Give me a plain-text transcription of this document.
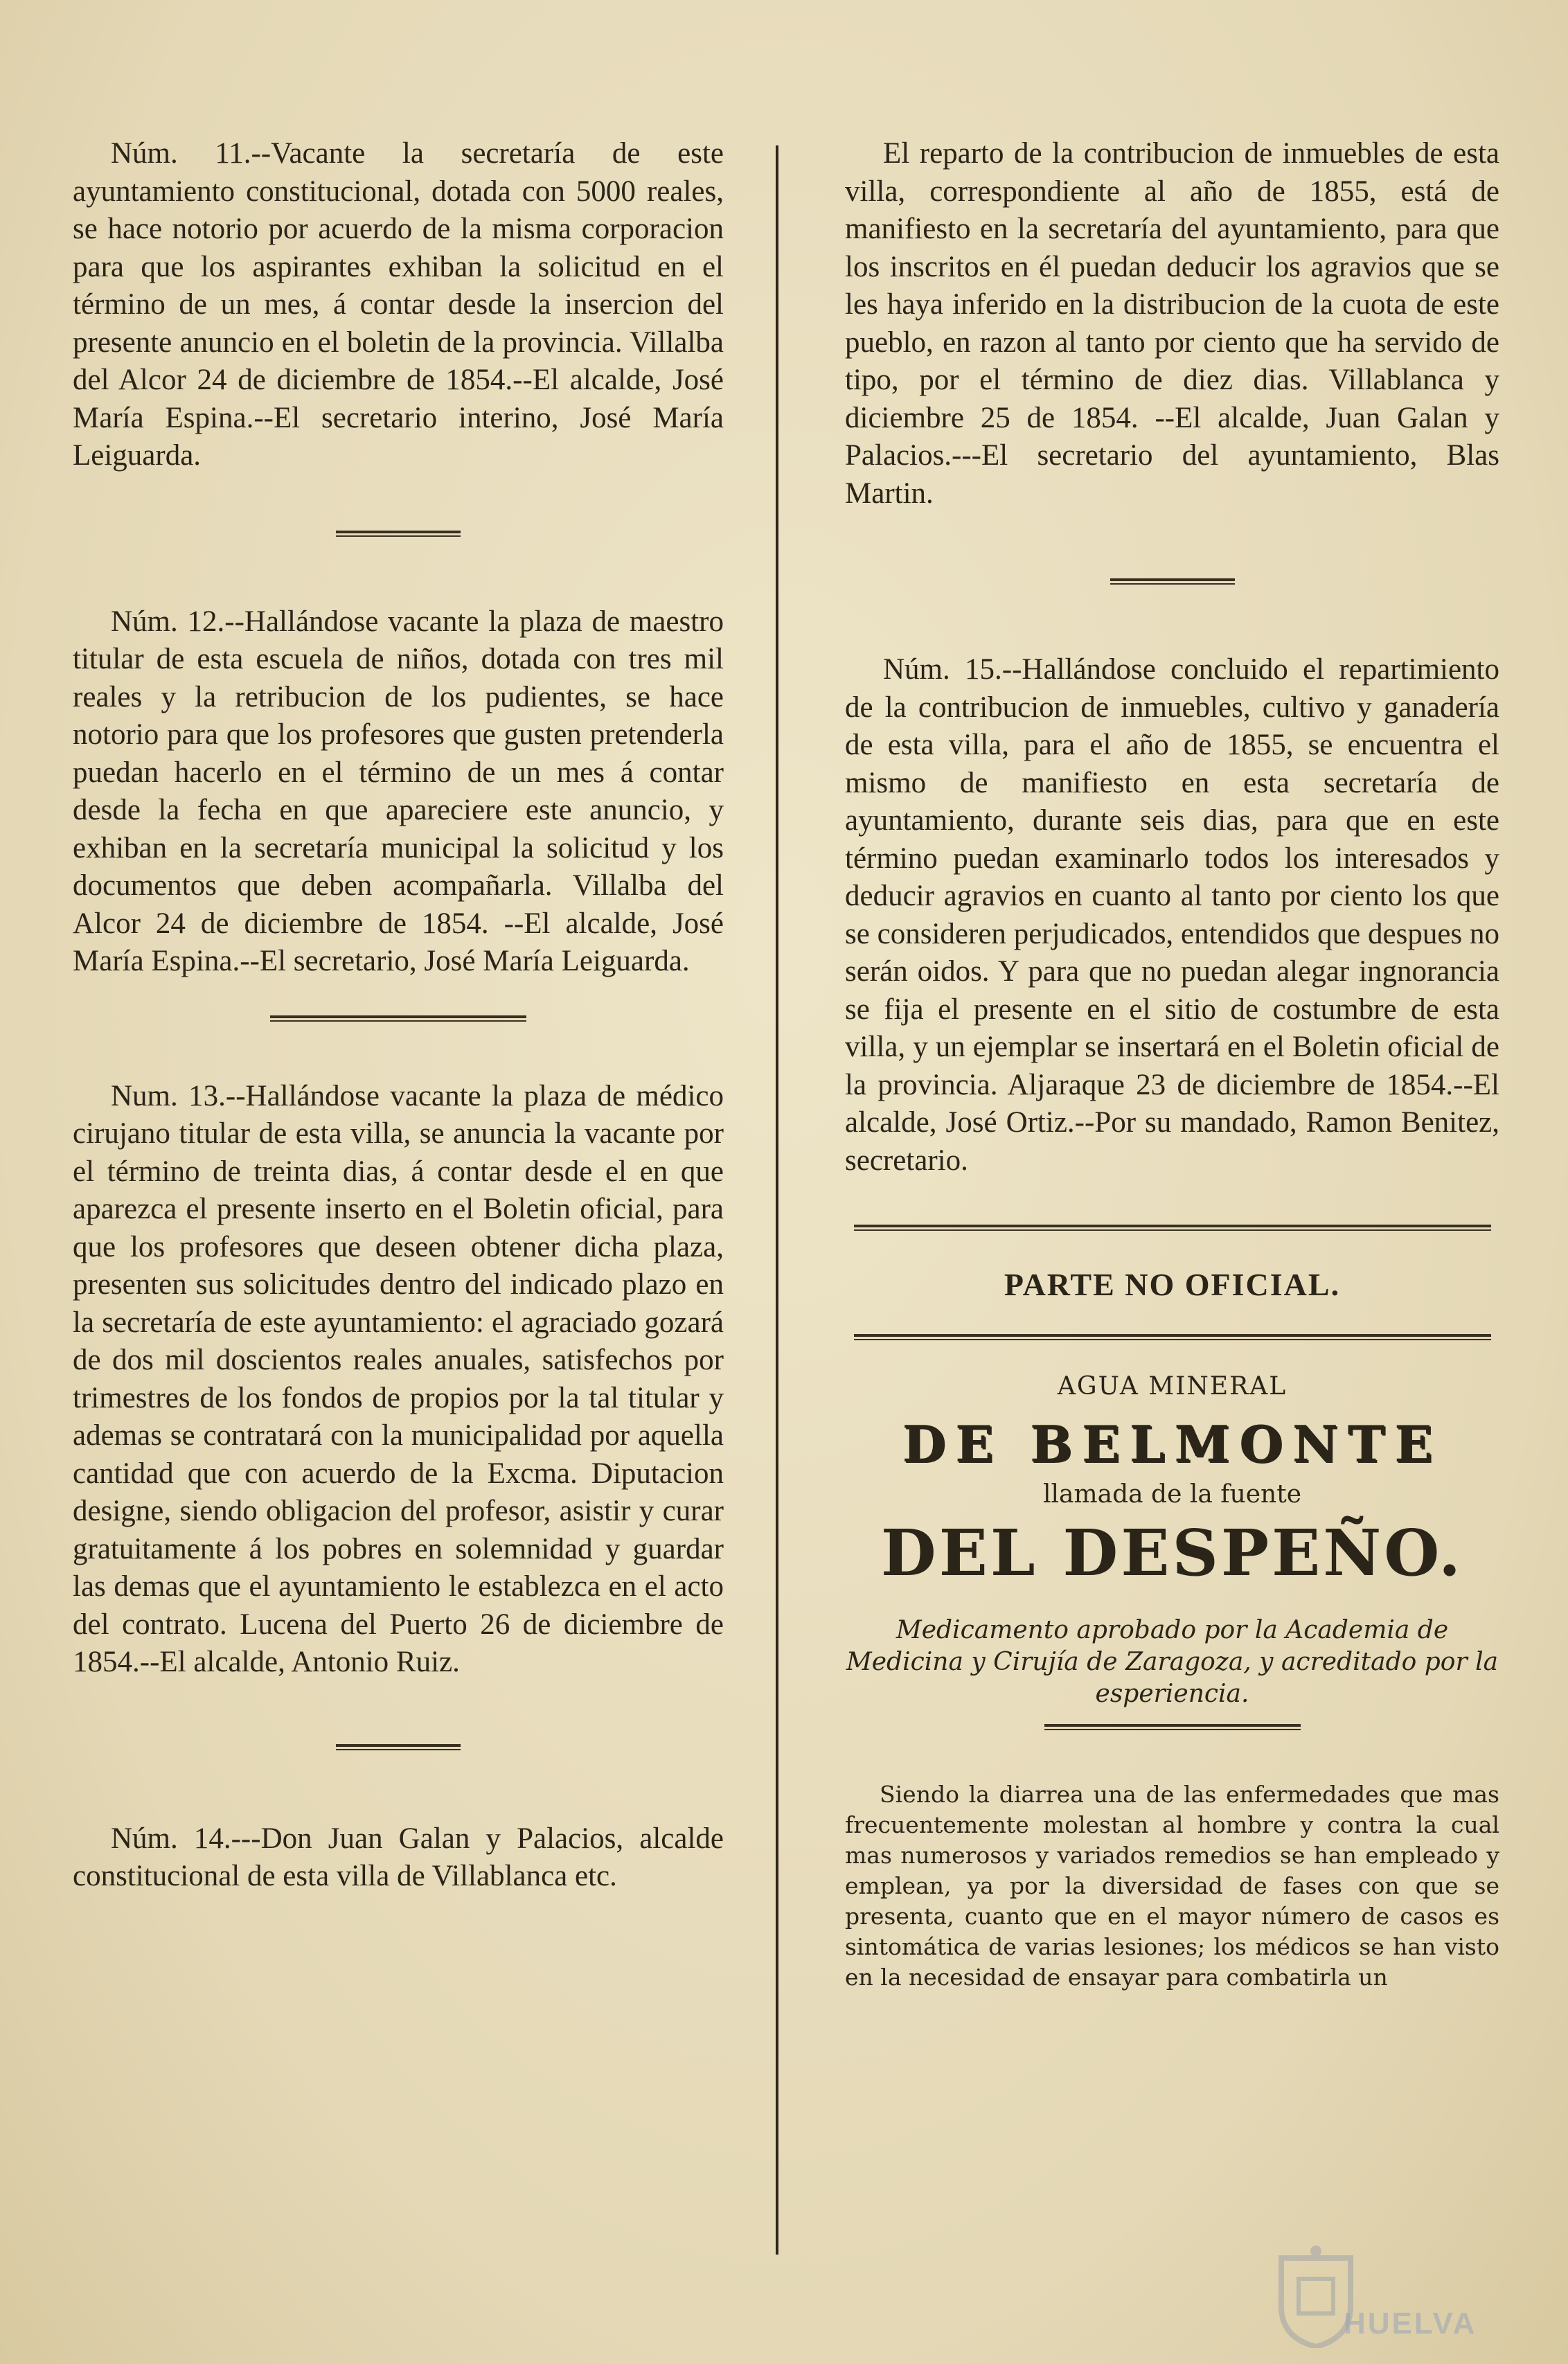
Núm. 11.--Vacante la secretaría de este ayuntamiento constitucional, dotada con 5000 reales, se hace notorio por acuerdo de la misma corporacion para que los aspirantes exhiban la solicitud en el término de un mes, á contar desde la insercion del presente anuncio en el boletin de la provincia. Villalba del Alcor 24 de diciembre de 1854.--El alcalde, José María Espina.--El secretario interino, José María Leiguarda.

Núm. 12.--Hallándose vacante la plaza de maestro titular de esta escuela de niños, dotada con tres mil reales y la retribucion de los pudientes, se hace notorio para que los profesores que gusten pretenderla puedan hacerlo en el término de un mes á contar desde la fecha en que apareciere este anuncio, y exhiban en la secretaría municipal la solicitud y los documentos que deben acompañarla. Villalba del Alcor 24 de diciembre de 1854. --El alcalde, José María Espina.--El secretario, José María Leiguarda.

Num. 13.--Hallándose vacante la plaza de médico cirujano titular de esta villa, se anuncia la vacante por el término de treinta dias, á contar desde el en que aparezca el presente inserto en el Boletin oficial, para que los profesores que deseen obtener dicha plaza, presenten sus solicitudes dentro del indicado plazo en la secretaría de este ayuntamiento: el agraciado gozará de dos mil doscientos reales anuales, satisfechos por trimestres de los fondos de propios por la tal titular y ademas se contratará con la municipalidad por aquella cantidad que con acuerdo de la Excma. Diputacion designe, siendo obligacion del profesor, asistir y curar gratuitamente á los pobres en solemnidad y guardar las demas que el ayuntamiento le establezca en el acto del contrato. Lucena del Puerto 26 de diciembre de 1854.--El alcalde, Antonio Ruiz.

Núm. 14.---Don Juan Galan y Palacios, alcalde constitucional de esta villa de Villablanca etc.

El reparto de la contribucion de inmuebles de esta villa, correspondiente al año de 1855, está de manifiesto en la secretaría del ayuntamiento, para que los inscritos en él puedan deducir los agravios que se les haya inferido en la distribucion de la cuota de este pueblo, en razon al tanto por ciento que ha servido de tipo, por el término de diez dias. Villablanca y diciembre 25 de 1854. --El alcalde, Juan Galan y Palacios.---El secretario del ayuntamiento, Blas Martin.

Núm. 15.--Hallándose concluido el repartimiento de la contribucion de inmuebles, cultivo y ganadería de esta villa, para el año de 1855, se encuentra el mismo de manifiesto en esta secretaría de ayuntamiento, durante seis dias, para que en este término puedan examinarlo todos los interesados y deducir agravios en cuanto al tanto por ciento los que se consideren perjudicados, entendidos que despues no serán oidos. Y para que no puedan alegar ingnorancia se fija el presente en el sitio de costumbre de esta villa, y un ejemplar se insertará en el Boletin oficial de la provincia. Aljaraque 23 de diciembre de 1854.--El alcalde, José Ortiz.--Por su mandado, Ramon Benitez, secretario.

PARTE NO OFICIAL.
AGUA MINERAL
DE BELMONTE
llamada de la fuente
DEL DESPEÑO.
Medicamento aprobado por la Academia de Medicina y Cirujía de Zaragoza, y acreditado por la esperiencia.

Siendo la diarrea una de las enfermedades que mas frecuentemente molestan al hombre y contra la cual mas numerosos y variados remedios se han empleado y emplean, ya por la diversidad de fases con que se presenta, cuanto que en el mayor número de casos es sintomática de varias lesiones; los médicos se han visto en la necesidad de ensayar para combatirla un

HUELVA
